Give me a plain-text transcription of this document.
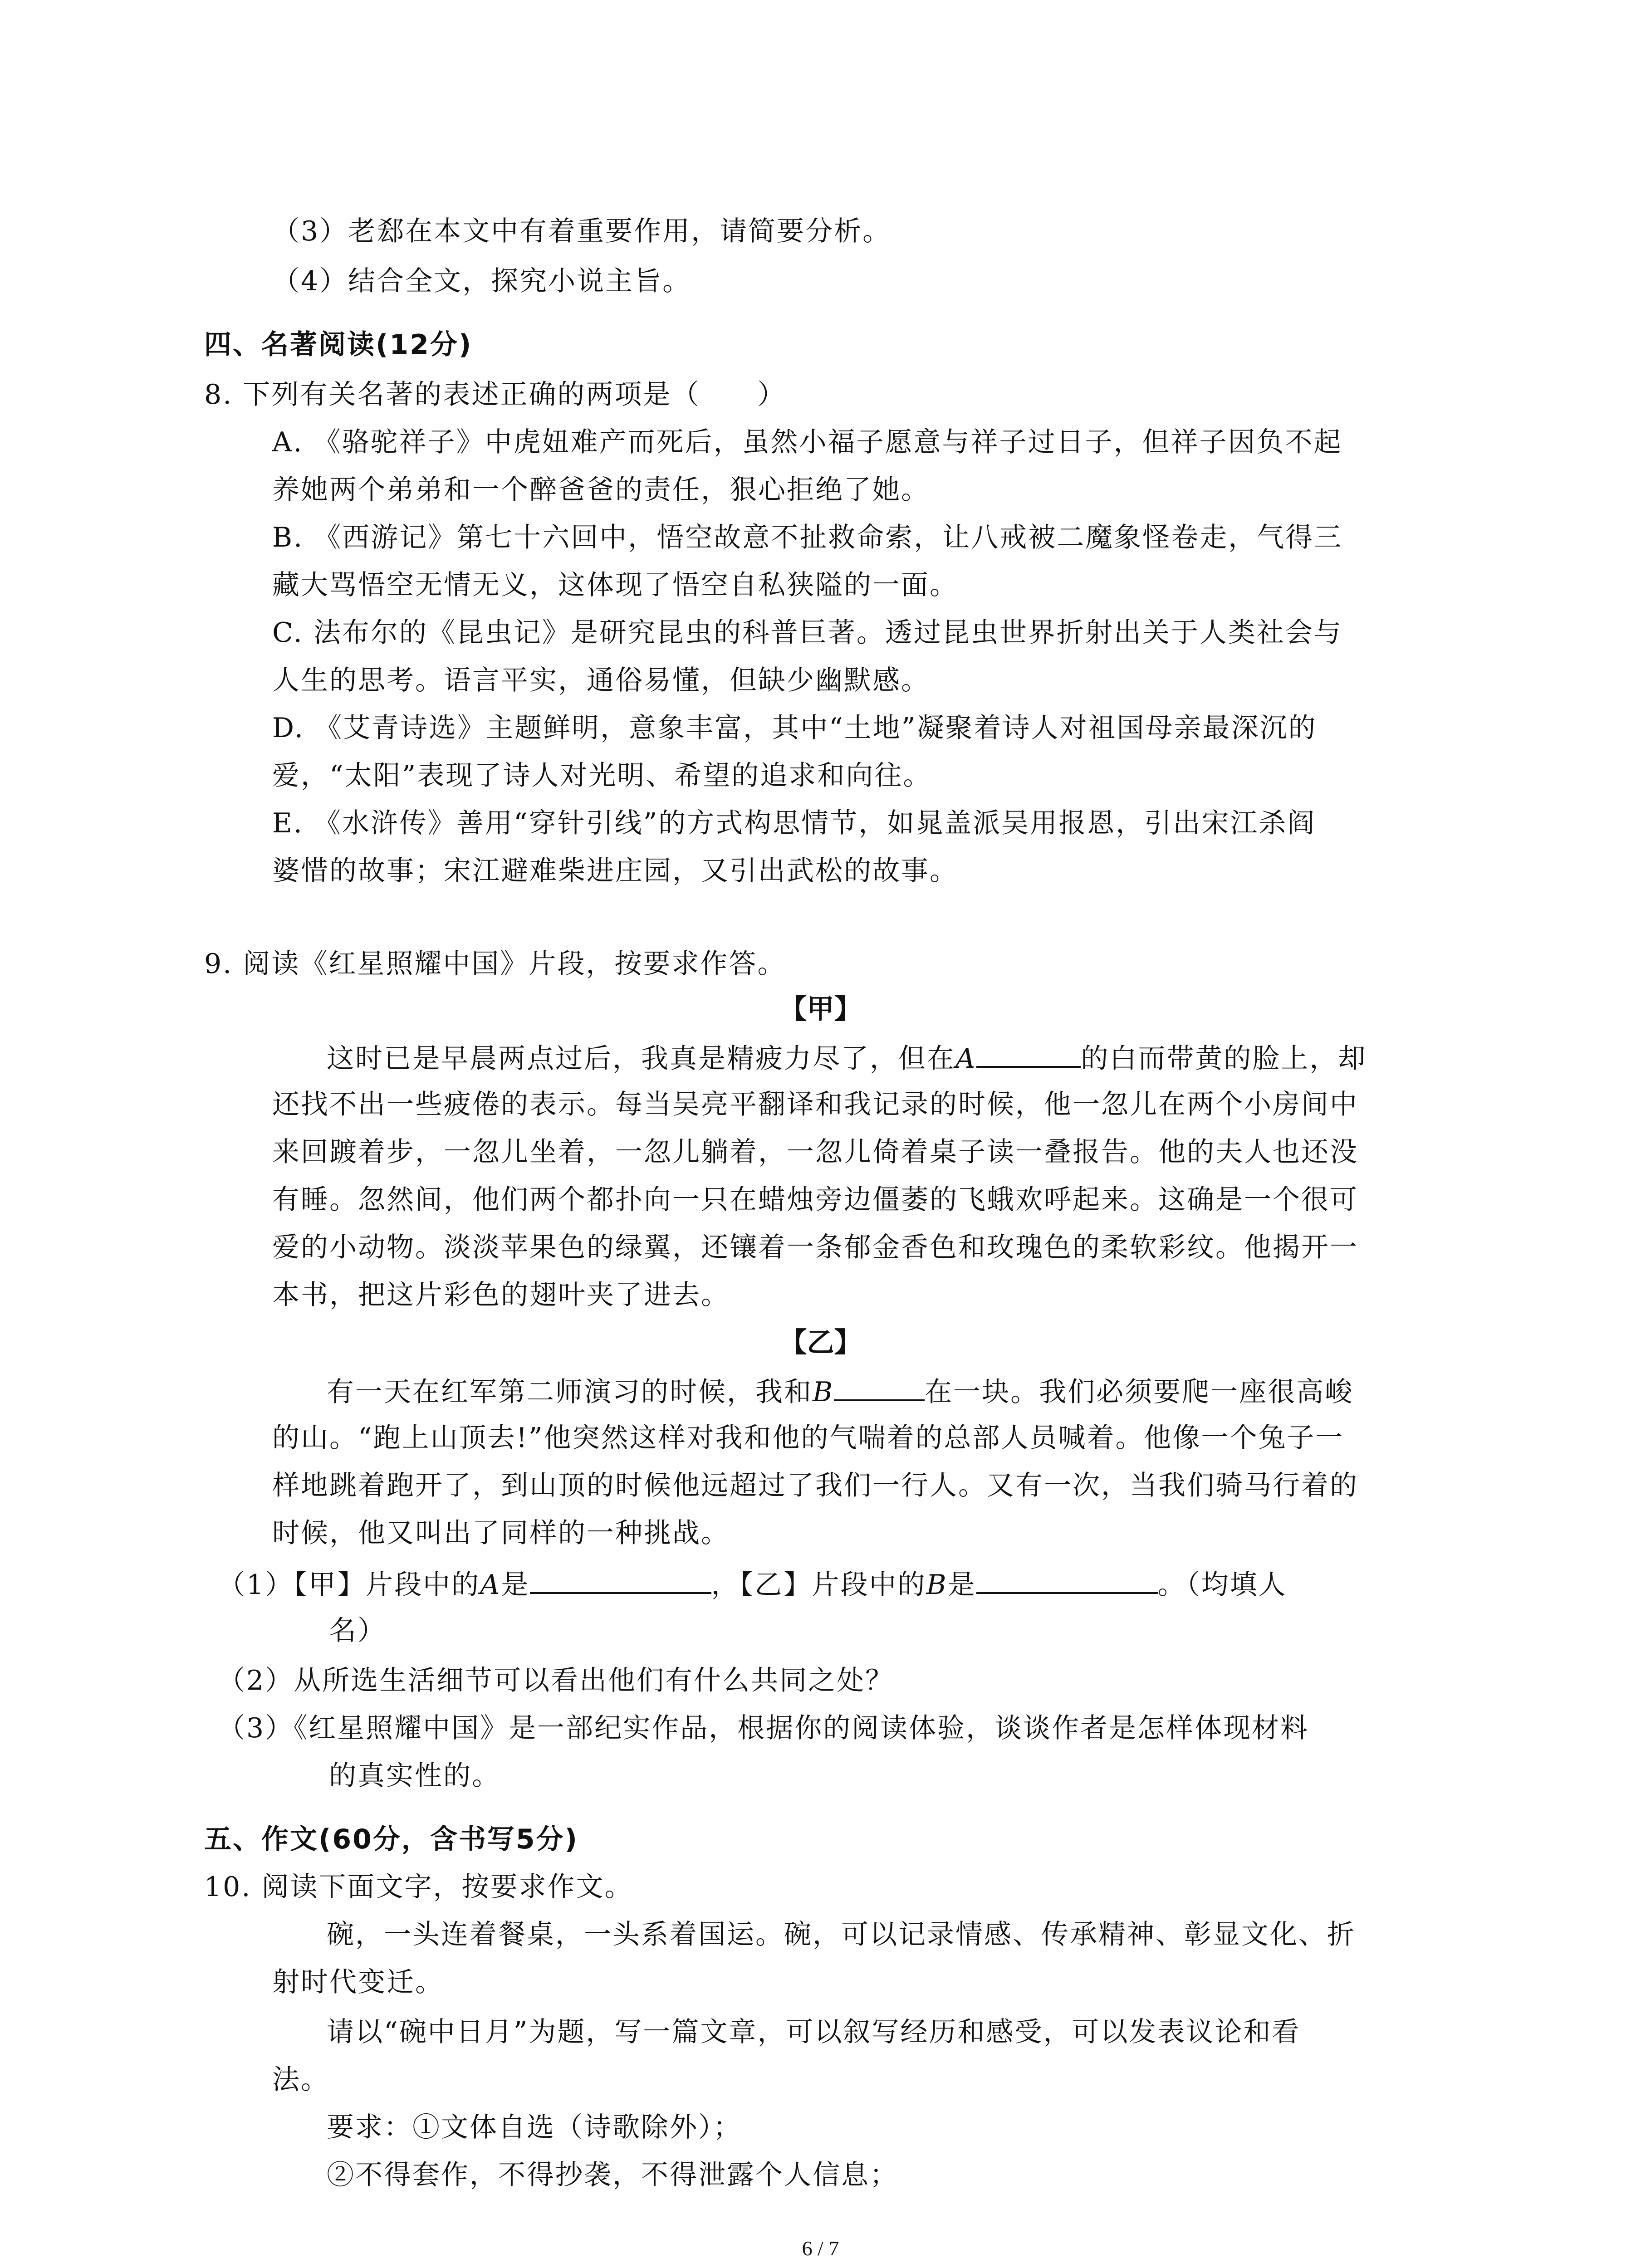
（3）老郄在本文中有着重要作用，请简要分析。
（4）结合全文，探究小说主旨。
四、名著阅读(12分)
8. 下列有关名著的表述正确的两项是（　　）
A. 《骆驼祥子》中虎妞难产而死后，虽然小福子愿意与祥子过日子，但祥子因负不起
养她两个弟弟和一个醉爸爸的责任，狠心拒绝了她。
B. 《西游记》第七十六回中，悟空故意不扯救命索，让八戒被二魔象怪卷走，气得三
藏大骂悟空无情无义，这体现了悟空自私狭隘的一面。
C. 法布尔的《昆虫记》是研究昆虫的科普巨著。透过昆虫世界折射出关于人类社会与
人生的思考。语言平实，通俗易懂，但缺少幽默感。
D. 《艾青诗选》主题鲜明，意象丰富，其中“土地”凝聚着诗人对祖国母亲最深沉的
爱，“太阳”表现了诗人对光明、希望的追求和向往。
E. 《水浒传》善用“穿针引线”的方式构思情节，如晁盖派吴用报恩，引出宋江杀阎
婆惜的故事；宋江避难柴进庄园，又引出武松的故事。
9. 阅读《红星照耀中国》片段，按要求作答。
【甲】
这时已是早晨两点过后，我真是精疲力尽了，但在A	的白而带黄的脸上，却
还找不出一些疲倦的表示。每当吴亮平翻译和我记录的时候，他一忽儿在两个小房间中
来回踱着步，一忽儿坐着，一忽儿躺着，一忽儿倚着桌子读一叠报告。他的夫人也还没
有睡。忽然间，他们两个都扑向一只在蜡烛旁边僵萎的飞蛾欢呼起来。这确是一个很可
爱的小动物。淡淡苹果色的绿翼，还镶着一条郁金香色和玫瑰色的柔软彩纹。他揭开一
本书，把这片彩色的翅叶夹了进去。
【乙】
有一天在红军第二师演习的时候，我和B	在一块。我们必须要爬一座很高峻
的山。“跑上山顶去!”他突然这样对我和他的气喘着的总部人员喊着。他像一个兔子一
样地跳着跑开了，到山顶的时候他远超过了我们一行人。又有一次，当我们骑马行着的
时候，他又叫出了同样的一种挑战。
（1）【甲】片段中的A是	，【乙】片段中的B是	。（均填人
名）
（2）从所选生活细节可以看出他们有什么共同之处？
（3）《红星照耀中国》是一部纪实作品，根据你的阅读体验，谈谈作者是怎样体现材料
的真实性的。
五、作文(60分，含书写5分)
10. 阅读下面文字，按要求作文。
碗，一头连着餐桌，一头系着国运。碗，可以记录情感、传承精神、彰显文化、折
射时代变迁。
请以“碗中日月”为题，写一篇文章，可以叙写经历和感受，可以发表议论和看
法。
要求：①文体自选（诗歌除外）；
②不得套作，不得抄袭，不得泄露个人信息；
6 / 7
